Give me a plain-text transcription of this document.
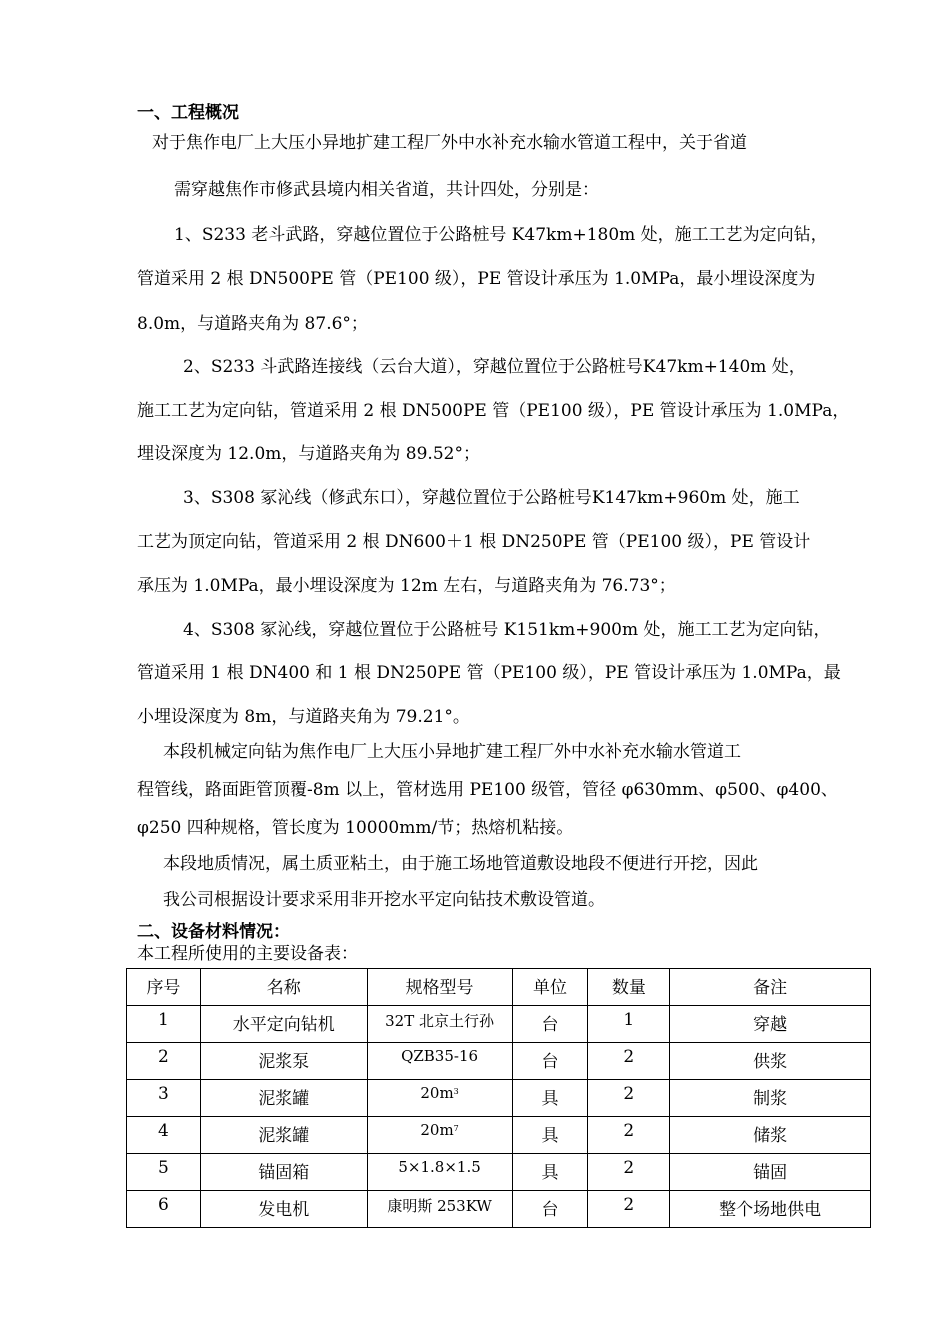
一、工程概况
对于焦作电厂上大压小异地扩建工程厂外中水补充水输水管道工程中，关于省道
需穿越焦作市修武县境内相关省道，共计四处，分别是：
1、S233 老斗武路，穿越位置位于公路桩号 K47km+180m 处，施工工艺为定向钻，
管道采用 2 根 DN500PE 管（PE100 级），PE 管设计承压为 1.0MPa，最小埋设深度为
8.0m，与道路夹角为 87.6°；
2、S233 斗武路连接线（云台大道），穿越位置位于公路桩号K47km+140m 处，
施工工艺为定向钻，管道采用 2 根 DN500PE 管（PE100 级），PE 管设计承压为 1.0MPa，
埋设深度为 12.0m，与道路夹角为 89.52°；
3、S308 冢沁线（修武东口），穿越位置位于公路桩号K147km+960m 处，施工
工艺为顶定向钻，管道采用 2 根 DN600＋1 根 DN250PE 管（PE100 级），PE 管设计
承压为 1.0MPa，最小埋设深度为 12m 左右，与道路夹角为 76.73°；
4、S308 冢沁线，穿越位置位于公路桩号 K151km+900m 处，施工工艺为定向钻，
管道采用 1 根 DN400 和 1 根 DN250PE 管（PE100 级），PE 管设计承压为 1.0MPa，最
小埋设深度为 8m，与道路夹角为 79.21°。
本段机械定向钻为焦作电厂上大压小异地扩建工程厂外中水补充水输水管道工
程管线，路面距管顶覆-8m 以上，管材选用 PE100 级管，管径 φ630mm、φ500、φ400、
φ250 四种规格，管长度为 10000mm/节；热熔机粘接。
本段地质情况，属土质亚粘土，由于施工场地管道敷设地段不便进行开挖，因此
我公司根据设计要求采用非开挖水平定向钻技术敷设管道。
二、设备材料情况：
本工程所使用的主要设备表：
序号	名称	规格型号	单位	数量	备注
1	水平定向钻机	32T 北京土行孙	台	1	穿越
2	泥浆泵	QZB35-16	台	2	供浆
3	泥浆罐	$20m^3$	具	2	制浆
4	泥浆罐	$20m^7$	具	2	储浆
5	锚固箱	5×1.8×1.5	具	2	锚固
6	发电机	康明斯 253KW	台	2	整个场地供电
